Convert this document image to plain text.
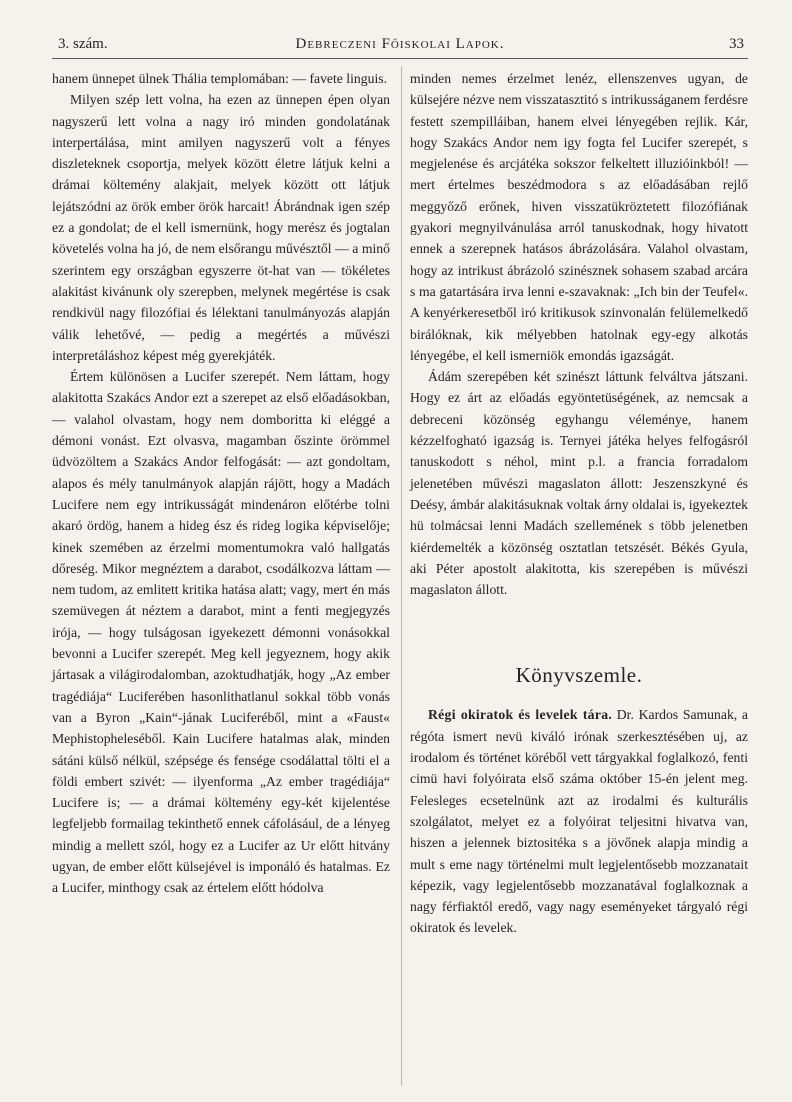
3. szám.	Debreczeni Főiskolai Lapok.	33

hanem ünnepet ülnek Tháliа templomában: — favete linguis.

Milyen szép lett volna, ha ezen az ünnepen épen olyan nagyszerű lett volna a nagy iró minden gondolatának interpertálása, mint amilyen nagyszerű volt a fényes diszleteknek csoportja, melyek között életre látjuk kelni a drámai költemény alakjait, melyek között ott látjuk lejátszódni az örök ember örök harcait! Ábrándnak igen szép ez a gondolat; de el kell ismernünk, hogy merész és jogtalan követelés volna ha jó, de nem elsőrangu művésztől — a minő szerintem egy országban egyszerre öt-hat van — tökéletes alakitást kivánunk oly szerepben, melynek megértése is csak rendkivül nagy filozófiai és lélektani tanulmányozás alapján válik lehetővé, — pedig a megértés a művészi interpretáláshoz képest még gyerekjáték.

Értem különösen a Lucifer szerepét. Nem láttam, hogy alakitotta Szakács Andor ezt a szerepet az első előadásokban, — valahol olvastam, hogy nem domboritta ki eléggé a démoni vonást. Ezt olvasva, magamban őszinte örömmel üdvözöltem a Szakács Andor felfogását: — azt gondoltam, alapos és mély tanulmányok alapján rájött, hogy a Madách Lucifere nem egy intrikusságát mindenáron előtérbe tolni akaró ördög, hanem a hideg ész és rideg logika képviselője; kinek szemében az érzelmi momentumokra való hallgatás dőreség. Mikor megnéztem a darabot, csodálkozva láttam — nem tudom, az emlitett kritika hatása alatt; vagy, mert én más szemüvegen át néztem a darabot, mint a fenti megjegyzés irója, — hogy tulságosan igyekezett démonni vonásokkal bevonni a Lucifer szerepét. Meg kell jegyeznem, hogy akik jártasak a világirodalomban, azoktudhatják, hogy „Az ember tragédiája“ Luciferében hasonlithatlanul sokkal több vonás van a Byron „Kain“-jának Luciferéből, mint a «Faust« Mephistopheleséből. Kain Lucifere hatalmas alak, minden sátáni külső nélkül, szépsége és fensége csodálattal tölti el a földi embert szivét: — ilyenforma „Az ember tragédiája“ Lucifere is; — a drámai költemény egy-két kijelentése legfeljebb formailag tekinthető ennek cáfolásául, de a lényeg mindig a mellett szól, hogy ez a Lucifer az Ur előtt hitvány ugyan, de ember előtt külsejével is imponáló és hatalmas. Ez a Lucifer, minthogy csak az értelem előtt hódolva

minden nemes érzelmet lenéz, ellenszenves ugyan, de külsejére nézve nem visszatasztitó s intrikusságanem ferdésre festett szempilláiban, hanem elvei lényegében rejlik. Kár, hogy Szakács Andor nem igy fogta fel Lucifer szerepét, s megjelenése és arcjátéka sokszor felkeltett illuzióinkból! — mert értelmes beszédmodora s az előadásában rejlő meggyőző erőnek, hiven visszatükröztetett filozófiának gyakori megnyilvánulása arról tanuskodnak, hogy hivatott ennek a szerepnek hatásos ábrázolására. Valahol olvastam, hogy az intrikust ábrázoló szinésznek sohasem szabad arcára s ma gatartására irva lenni e-szavaknak: „Ich bin der Teufel«. A kenyérkeresetből iró kritikusok szinvonalán felülemelkedő birálóknak, kik mélyebben hatolnak egy-egy alkotás lényegébe, el kell ismerniök emondás igazságát.

Ádám szerepében két szinészt láttunk felváltva játszani. Hogy ez árt az előadás egyöntetüségének, az nemcsak a debreceni közönség egyhangu véleménye, hanem kézzelfogható igazság is. Ternyei játéka helyes felfogásról tanuskodott s néhol, mint p.l. a francia forradalom jelenetében művészi magaslaton állott: Jeszenszkyné és Deésy, ámbár alakitásuknak voltak árny oldalai is, igyekeztek hü tolmácsai lenni Madách szellemének s több jelenetben kiérdemelték a közönség osztatlan tetszését. Békés Gyula, aki Péter apostolt alakitotta, kis szerepében is művészi magaslaton állott.

Könyvszemle.

Régi okiratok és levelek tára. Dr. Kardos Samunak, a régóta ismert nevü kiváló irónak szerkesztésében uj, az irodalom és történet köréből vett tárgyakkal foglalkozó, fenti cimü havi folyóirata első száma október 15-én jelent meg. Felesleges ecsetelnünk azt az irodalmi és kulturális szolgálatot, melyet ez a folyóirat teljesitni hivatva van, hiszen a jelennek biztositéka s a jövőnek alapja mindig a mult s eme nagy történelmi mult legjelentősebb mozzanatait képezik, vagy legjelentősebb mozzanatával foglalkoznak a nagy férfiaktól eredő, vagy nagy eseményeket tárgyaló régi okiratok és levelek.
